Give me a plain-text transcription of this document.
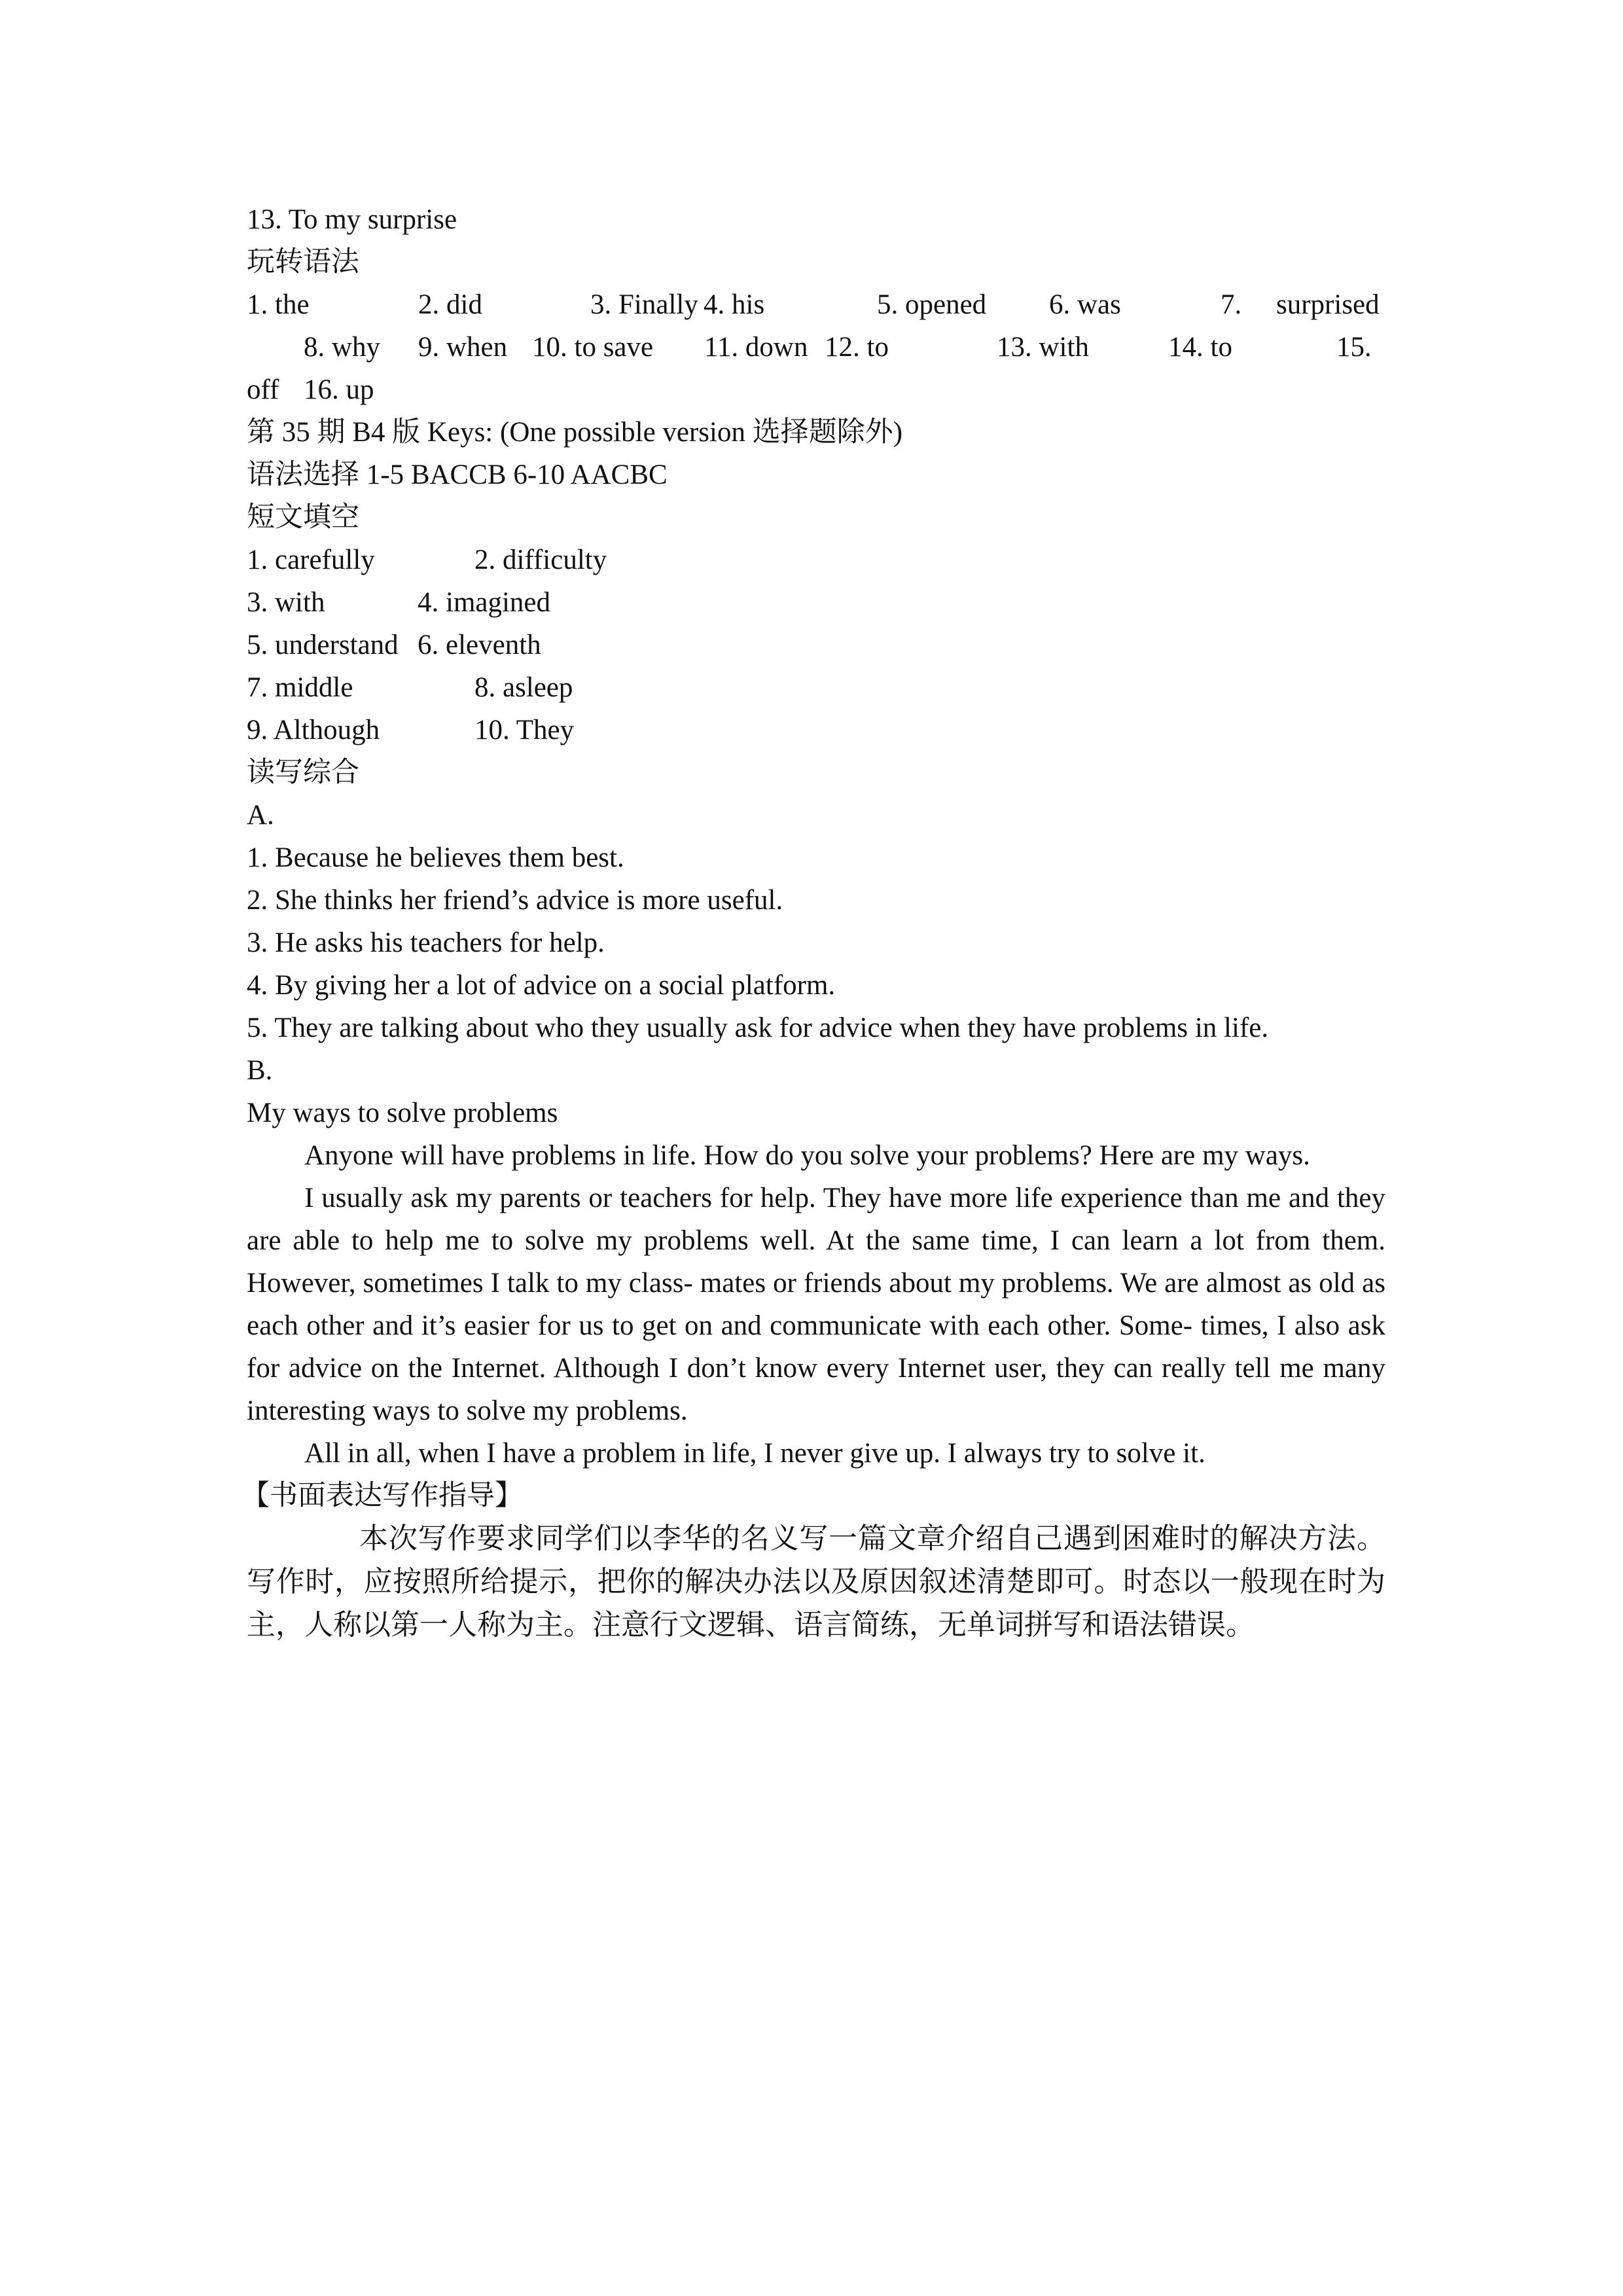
13. To my surprise
玩转语法
1. the	2. did	3. Finally 4. his	5. opened 6. was	7. surprised
8. why 9. when 10. to save 11. down 12. to	13. with	14. to	15.
off 16. up
第 35 期 B4 版 Keys: (One possible version 选择题除外)
语法选择 1-5 BACCB 6-10 AACBC
短文填空
1. carefully	2. difficulty
3. with	4. imagined
5. understand 6. eleventh
7. middle	8. asleep
9. Although	10. They
读写综合
A.
1. Because he believes them best.
2. She thinks her friend’s advice is more useful.
3. He asks his teachers for help.
4. By giving her a lot of advice on a social platform.
5. They are talking about who they usually ask for advice when they have problems in life.
B.
My ways to solve problems
Anyone will have problems in life. How do you solve your problems? Here are my ways.
I usually ask my parents or teachers for help. They have more life experience than me and they are able to help me to solve my problems well. At the same time, I can learn a lot from them. However, sometimes I talk to my class- mates or friends about my problems. We are almost as old as each other and it’s easier for us to get on and communicate with each other. Some- times, I also ask for advice on the Internet. Although I don’t know every Internet user, they can really tell me many interesting ways to solve my problems.
All in all, when I have a problem in life, I never give up. I always try to solve it.
【书面表达写作指导】
本次写作要求同学们以李华的名义写一篇文章介绍自己遇到困难时的解决方法。写作时，应按照所给提示，把你的解决办法以及原因叙述清楚即可。时态以一般现在时为主，人称以第一人称为主。注意行文逻辑、语言简练，无单词拼写和语法错误。
